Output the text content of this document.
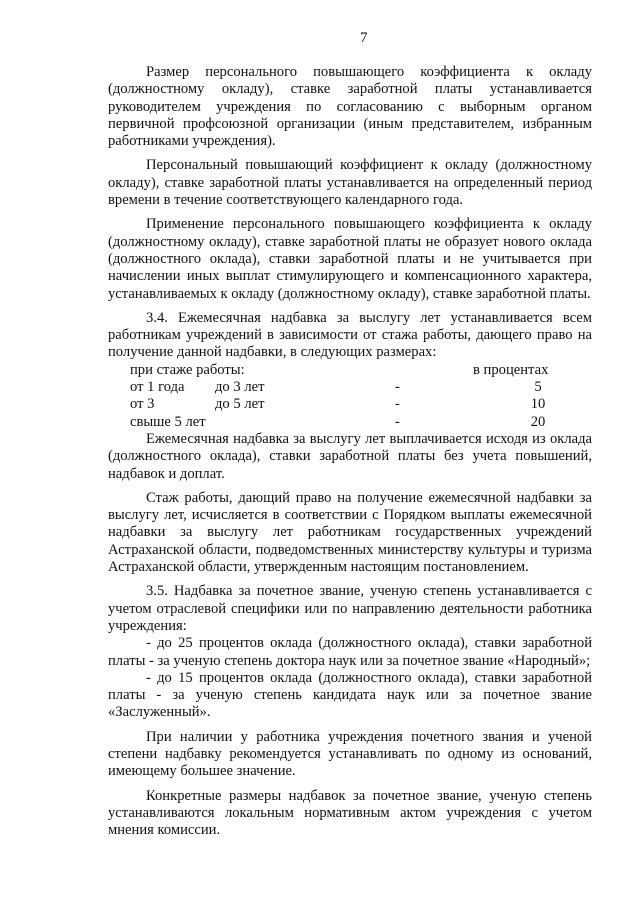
7

Размер персонального повышающего коэффициента к окладу (должностному окладу), ставке заработной платы устанавливается руководителем учреждения по согласованию с выборным органом первичной профсоюзной организации (иным представителем, избранным работниками учреждения).

Персональный повышающий коэффициент к окладу (должностному окладу), ставке заработной платы устанавливается на определенный период времени в течение соответствующего календарного года.

Применение персонального повышающего коэффициента к окладу (должностному окладу), ставке заработной платы не образует нового оклада (должностного оклада), ставки заработной платы и не учитывается при начислении иных выплат стимулирующего и компенсационного характера, устанавливаемых к окладу (должностному окладу), ставке заработной платы.

3.4. Ежемесячная надбавка за выслугу лет устанавливается всем работникам учреждений в зависимости от стажа работы, дающего право на получение данной надбавки, в следующих размерах:

при стаже работы:	в процентах
от 1 года до 3 лет	-	5
от 3	до 5 лет	-	10
свыше 5 лет	-	20

Ежемесячная надбавка за выслугу лет выплачивается исходя из оклада (должностного оклада), ставки заработной платы без учета повышений, надбавок и доплат.

Стаж работы, дающий право на получение ежемесячной надбавки за выслугу лет, исчисляется в соответствии с Порядком выплаты ежемесячной надбавки за выслугу лет работникам государственных учреждений Астраханской области, подведомственных министерству культуры и туризма Астраханской области, утвержденным настоящим постановлением.

3.5. Надбавка за почетное звание, ученую степень устанавливается с учетом отраслевой специфики или по направлению деятельности работника учреждения:

- до 25 процентов оклада (должностного оклада), ставки заработной платы - за ученую степень доктора наук или за почетное звание «Народный»;

- до 15 процентов оклада (должностного оклада), ставки заработной платы - за ученую степень кандидата наук или за почетное звание «Заслуженный».

При наличии у работника учреждения почетного звания и ученой степени надбавку рекомендуется устанавливать по одному из оснований, имеющему большее значение.

Конкретные размеры надбавок за почетное звание, ученую степень устанавливаются локальным нормативным актом учреждения с учетом мнения комиссии.
